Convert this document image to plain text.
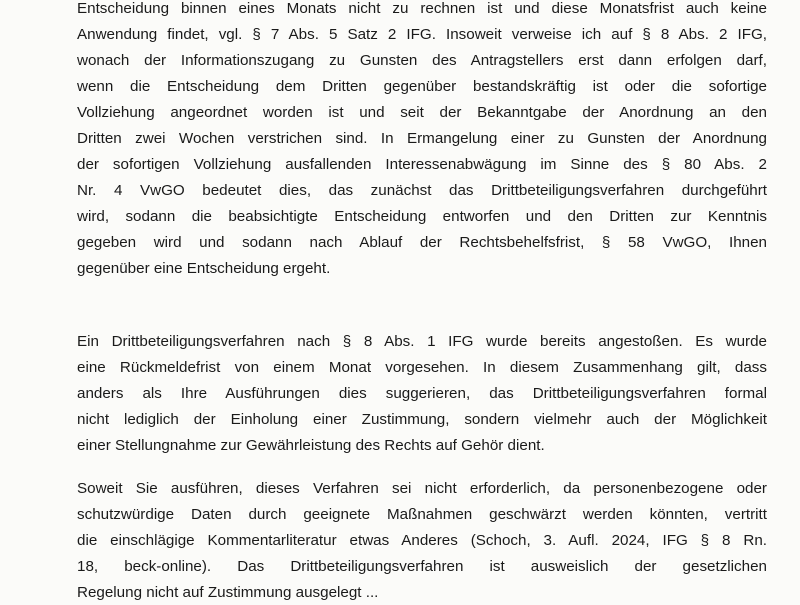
Entscheidung binnen eines Monats nicht zu rechnen ist und diese Monatsfrist auch keine
Anwendung findet, vgl. § 7 Abs. 5 Satz 2 IFG. Insoweit verweise ich auf § 8 Abs. 2 IFG,
wonach der Informationszugang zu Gunsten des Antragstellers erst dann erfolgen darf,
wenn die Entscheidung dem Dritten gegenüber bestandskräftig ist oder die sofortige
Vollziehung angeordnet worden ist und seit der Bekanntgabe der Anordnung an den
Dritten zwei Wochen verstrichen sind. In Ermangelung einer zu Gunsten der Anordnung
der sofortigen Vollziehung ausfallenden Interessenabwägung im Sinne des § 80 Abs. 2
Nr. 4 VwGO bedeutet dies, das zunächst das Drittbeteiligungsverfahren durchgeführt
wird, sodann die beabsichtigte Entscheidung entworfen und den Dritten zur Kenntnis
gegeben wird und sodann nach Ablauf der Rechtsbehelfsfrist, § 58 VwGO, Ihnen
gegenüber eine Entscheidung ergeht.
Ein Drittbeteiligungsverfahren nach § 8 Abs. 1 IFG wurde bereits angestoßen. Es wurde
eine Rückmeldefrist von einem Monat vorgesehen. In diesem Zusammenhang gilt, dass
anders als Ihre Ausführungen dies suggerieren, das Drittbeteiligungsverfahren formal
nicht lediglich der Einholung einer Zustimmung, sondern vielmehr auch der Möglichkeit
einer Stellungnahme zur Gewährleistung des Rechts auf Gehör dient.
Soweit Sie ausführen, dieses Verfahren sei nicht erforderlich, da personenbezogene oder
schutzwürdige Daten durch geeignete Maßnahmen geschwärzt werden könnten, vertritt
die einschlägige Kommentarliteratur etwas Anderes (Schoch, 3. Aufl. 2024, IFG § 8 Rn.
18, beck-online). Das Drittbeteiligungsverfahren ist ausweislich der gesetzlichen
Regelung nicht auf Zustimmung ausgelegt ...
